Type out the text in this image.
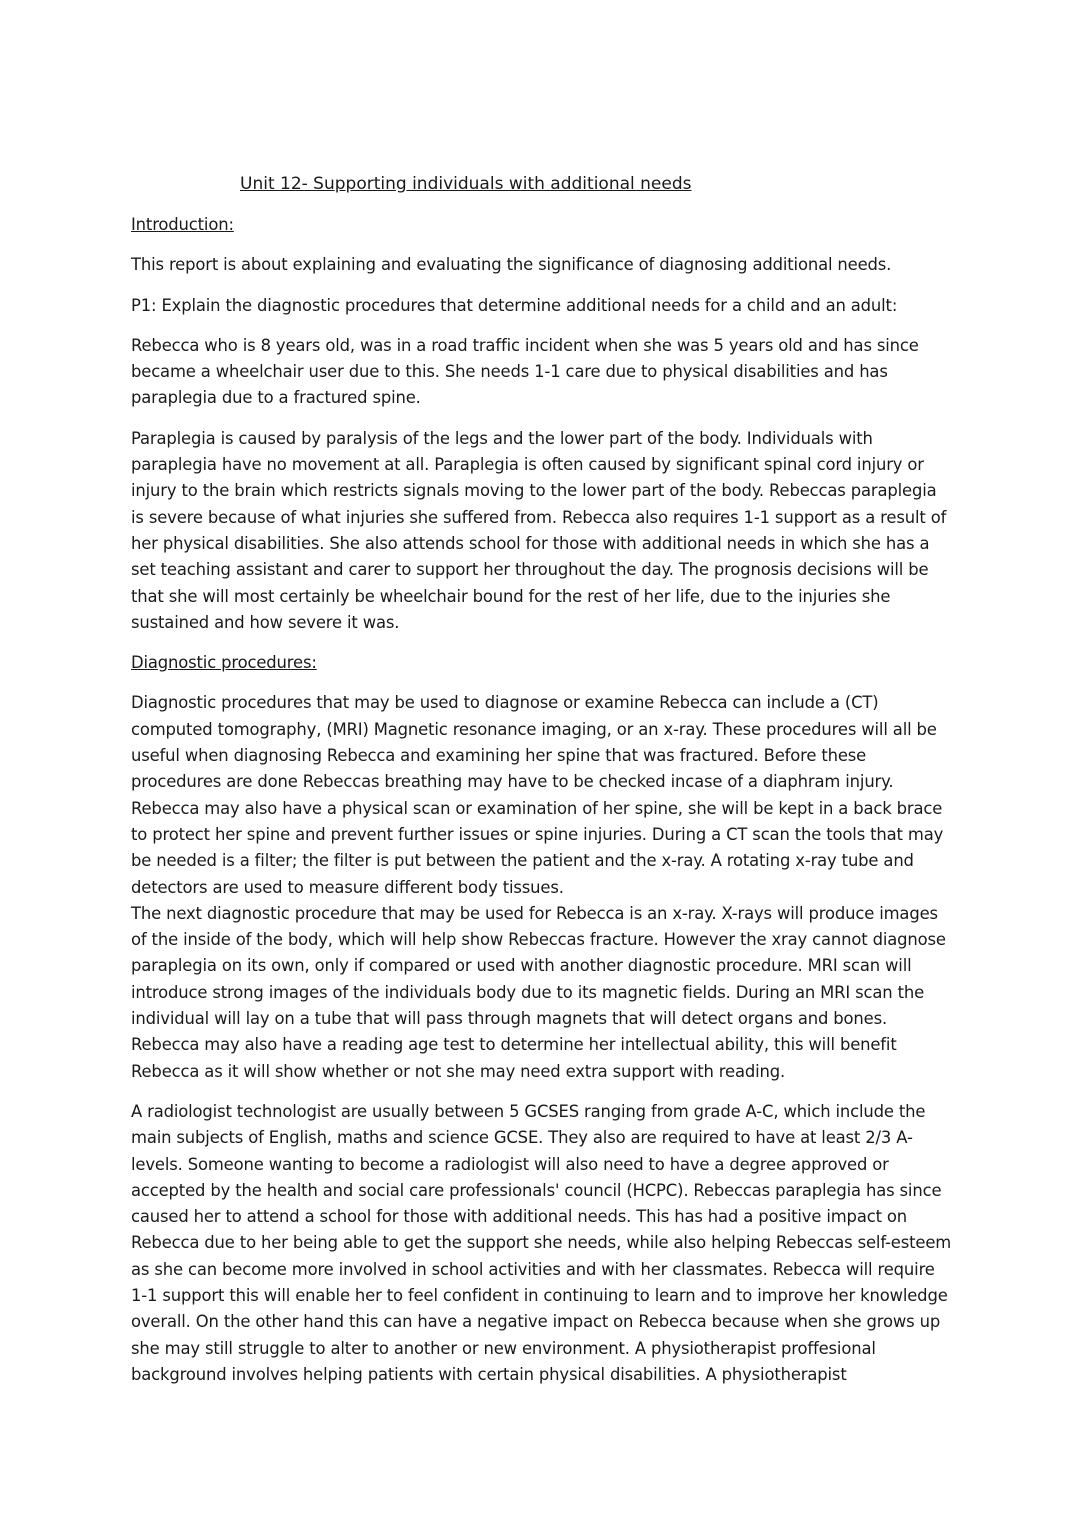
Unit 12- Supporting individuals with additional needs

Introduction:

This report is about explaining and evaluating the significance of diagnosing additional needs.

P1: Explain the diagnostic procedures that determine additional needs for a child and an adult:

Rebecca who is 8 years old, was in a road traffic incident when she was 5 years old and has since became a wheelchair user due to this. She needs 1-1 care due to physical disabilities and has paraplegia due to a fractured spine.

Paraplegia is caused by paralysis of the legs and the lower part of the body. Individuals with paraplegia have no movement at all. Paraplegia is often caused by significant spinal cord injury or injury to the brain which restricts signals moving to the lower part of the body. Rebeccas paraplegia is severe because of what injuries she suffered from. Rebecca also requires 1-1 support as a result of her physical disabilities. She also attends school for those with additional needs in which she has a set teaching assistant and carer to support her throughout the day. The prognosis decisions will be that she will most certainly be wheelchair bound for the rest of her life, due to the injuries she sustained and how severe it was.

Diagnostic procedures:

Diagnostic procedures that may be used to diagnose or examine Rebecca can include a (CT) computed tomography, (MRI) Magnetic resonance imaging, or an x-ray. These procedures will all be useful when diagnosing Rebecca and examining her spine that was fractured. Before these procedures are done Rebeccas breathing may have to be checked incase of a diaphram injury. Rebecca may also have a physical scan or examination of her spine, she will be kept in a back brace to protect her spine and prevent further issues or spine injuries. During a CT scan the tools that may be needed is a filter; the filter is put between the patient and the x-ray. A rotating x-ray tube and detectors are used to measure different body tissues.

The next diagnostic procedure that may be used for Rebecca is an x-ray. X-rays will produce images of the inside of the body, which will help show Rebeccas fracture. However the xray cannot diagnose paraplegia on its own, only if compared or used with another diagnostic procedure. MRI scan will introduce strong images of the individuals body due to its magnetic fields. During an MRI scan the individual will lay on a tube that will pass through magnets that will detect organs and bones. Rebecca may also have a reading age test to determine her intellectual ability, this will benefit Rebecca as it will show whether or not she may need extra support with reading.

A radiologist technologist are usually between 5 GCSES ranging from grade A-C, which include the main subjects of English, maths and science GCSE. They also are required to have at least 2/3 A-levels. Someone wanting to become a radiologist will also need to have a degree approved or accepted by the health and social care professionals' council (HCPC). Rebeccas paraplegia has since caused her to attend a school for those with additional needs. This has had a positive impact on Rebecca due to her being able to get the support she needs, while also helping Rebeccas self-esteem as she can become more involved in school activities and with her classmates. Rebecca will require 1-1 support this will enable her to feel confident in continuing to learn and to improve her knowledge overall. On the other hand this can have a negative impact on Rebecca because when she grows up she may still struggle to alter to another or new environment. A physiotherapist proffesional background involves helping patients with certain physical disabilities. A physiotherapist
